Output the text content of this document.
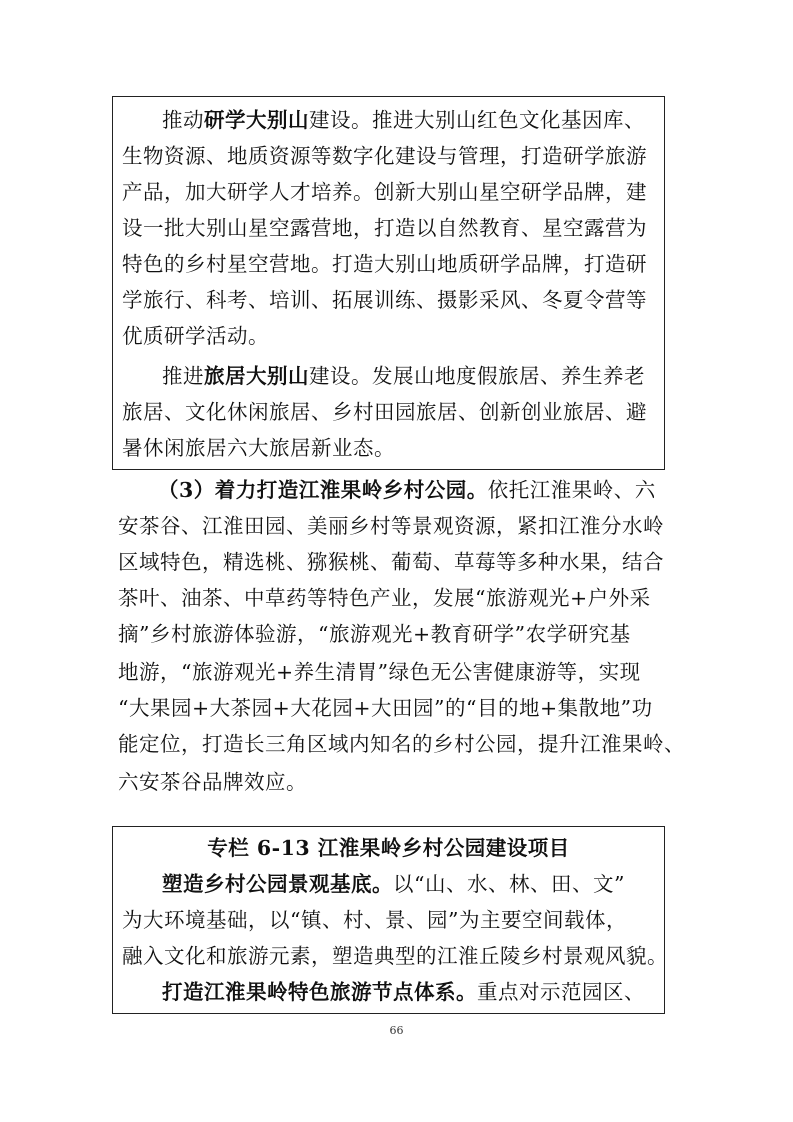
推动研学大别山建设。推进大别山红色文化基因库、
生物资源、地质资源等数字化建设与管理，打造研学旅游
产品，加大研学人才培养。创新大别山星空研学品牌，建
设一批大别山星空露营地，打造以自然教育、星空露营为
特色的乡村星空营地。打造大别山地质研学品牌，打造研
学旅行、科考、培训、拓展训练、摄影采风、冬夏令营等
优质研学活动。
推进旅居大别山建设。发展山地度假旅居、养生养老
旅居、文化休闲旅居、乡村田园旅居、创新创业旅居、避
暑休闲旅居六大旅居新业态。
（3）着力打造江淮果岭乡村公园。依托江淮果岭、六
安茶谷、江淮田园、美丽乡村等景观资源，紧扣江淮分水岭
区域特色，精选桃、猕猴桃、葡萄、草莓等多种水果，结合
茶叶、油茶、中草药等特色产业，发展“旅游观光+户外采
摘”乡村旅游体验游，“旅游观光+教育研学”农学研究基
地游，“旅游观光+养生清胃”绿色无公害健康游等，实现
“大果园+大茶园+大花园+大田园”的“目的地+集散地”功
能定位，打造长三角区域内知名的乡村公园，提升江淮果岭、
六安茶谷品牌效应。
专栏 6-13 江淮果岭乡村公园建设项目
塑造乡村公园景观基底。以“山、水、林、田、文”
为大环境基础，以“镇、村、景、园”为主要空间载体，
融入文化和旅游元素，塑造典型的江淮丘陵乡村景观风貌。
打造江淮果岭特色旅游节点体系。重点对示范园区、
66
